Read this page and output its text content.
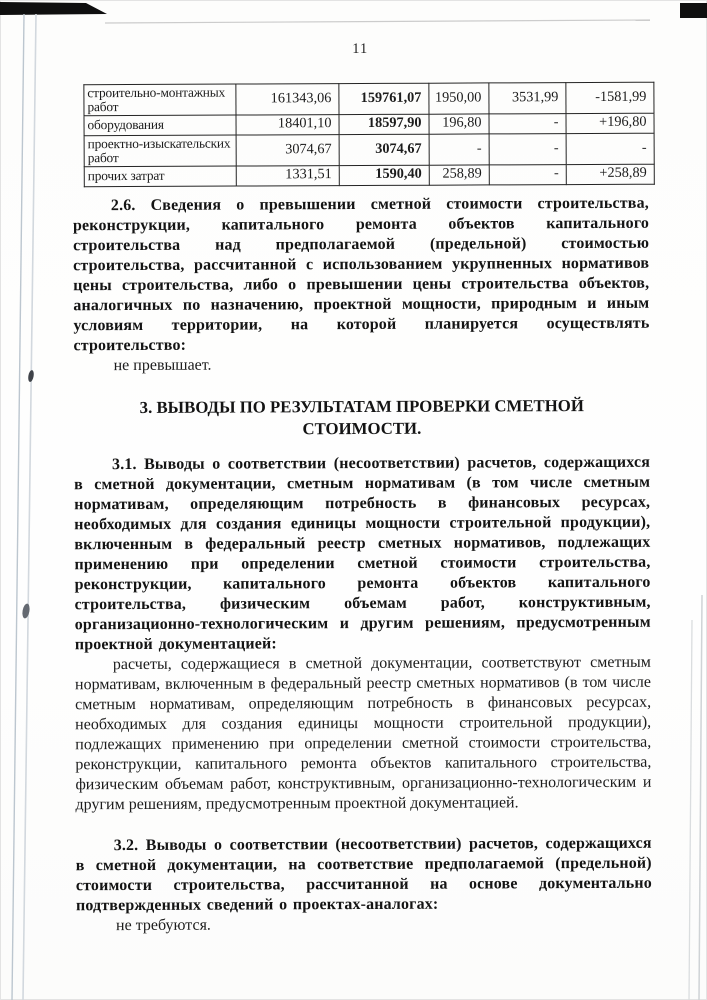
11
строительно-монтажных работ	161343,06	159761,07	1950,00	3531,99	-1581,99
оборудования	18401,10	18597,90	196,80	-	+196,80
проектно-изыскательских работ	3074,67	3074,67	-	-	-
прочих затрат	1331,51	1590,40	258,89	-	+258,89

2.6. Сведения о превышении сметной стоимости строительства, реконструкции, капитального ремонта объектов капитального строительства над предполагаемой (предельной) стоимостью строительства, рассчитанной с использованием укрупненных нормативов цены строительства, либо о превышении цены строительства объектов, аналогичных по назначению, проектной мощности, природным и иным условиям территории, на которой планируется осуществлять строительство:

не превышает.

3. ВЫВОДЫ ПО РЕЗУЛЬТАТАМ ПРОВЕРКИ СМЕТНОЙ СТОИМОСТИ.

3.1. Выводы о соответствии (несоответствии) расчетов, содержащихся в сметной документации, сметным нормативам (в том числе сметным нормативам, определяющим потребность в финансовых ресурсах, необходимых для создания единицы мощности строительной продукции), включенным в федеральный реестр сметных нормативов, подлежащих применению при определении сметной стоимости строительства, реконструкции, капитального ремонта объектов капитального строительства, физическим объемам работ, конструктивным, организационно-технологическим и другим решениям, предусмотренным проектной документацией:

расчеты, содержащиеся в сметной документации, соответствуют сметным нормативам, включенным в федеральный реестр сметных нормативов (в том числе сметным нормативам, определяющим потребность в финансовых ресурсах, необходимых для создания единицы мощности строительной продукции), подлежащих применению при определении сметной стоимости строительства, реконструкции, капитального ремонта объектов капитального строительства, физическим объемам работ, конструктивным, организационно-технологическим и другим решениям, предусмотренным проектной документацией.

3.2. Выводы о соответствии (несоответствии) расчетов, содержащихся в сметной документации, на соответствие предполагаемой (предельной) стоимости строительства, рассчитанной на основе документально подтвержденных сведений о проектах-аналогах:

не требуются.
